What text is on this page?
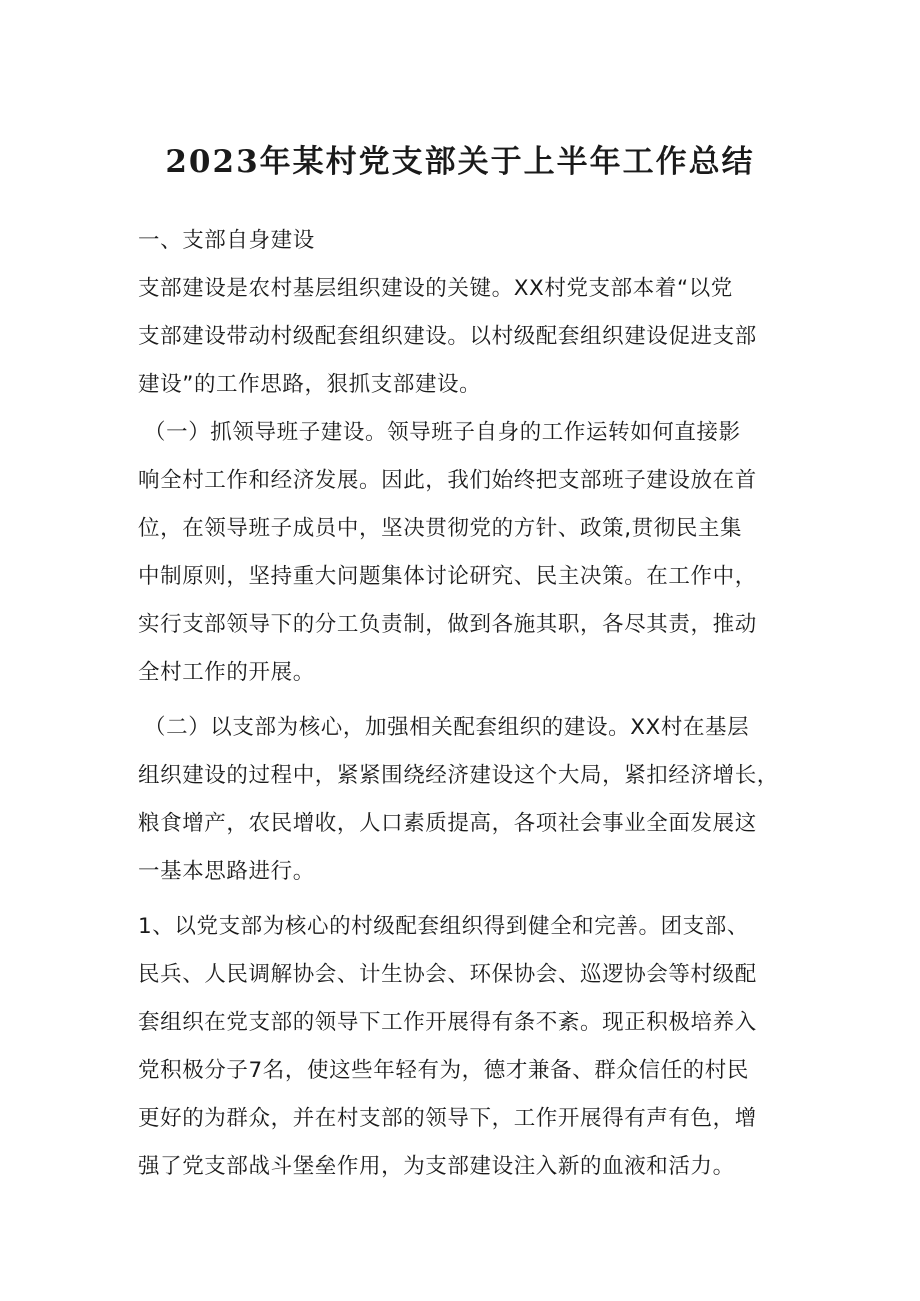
2023年某村党支部关于上半年工作总结
一、支部自身建设
支部建设是农村基层组织建设的关键。XX村党支部本着“以党
支部建设带动村级配套组织建设。以村级配套组织建设促进支部
建设”的工作思路，狠抓支部建设。
（一）抓领导班子建设。领导班子自身的工作运转如何直接影
响全村工作和经济发展。因此，我们始终把支部班子建设放在首
位，在领导班子成员中，坚决贯彻党的方针、政策,贯彻民主集
中制原则，坚持重大问题集体讨论研究、民主决策。在工作中，
实行支部领导下的分工负责制，做到各施其职，各尽其责，推动
全村工作的开展。
（二）以支部为核心，加强相关配套组织的建设。XX村在基层
组织建设的过程中，紧紧围绕经济建设这个大局，紧扣经济增长，
粮食增产，农民增收，人口素质提高，各项社会事业全面发展这
一基本思路进行。
1、以党支部为核心的村级配套组织得到健全和完善。团支部、
民兵、人民调解协会、计生协会、环保协会、巡逻协会等村级配
套组织在党支部的领导下工作开展得有条不紊。现正积极培养入
党积极分子7名，使这些年轻有为，德才兼备、群众信任的村民
更好的为群众，并在村支部的领导下，工作开展得有声有色，增
强了党支部战斗堡垒作用，为支部建设注入新的血液和活力。
